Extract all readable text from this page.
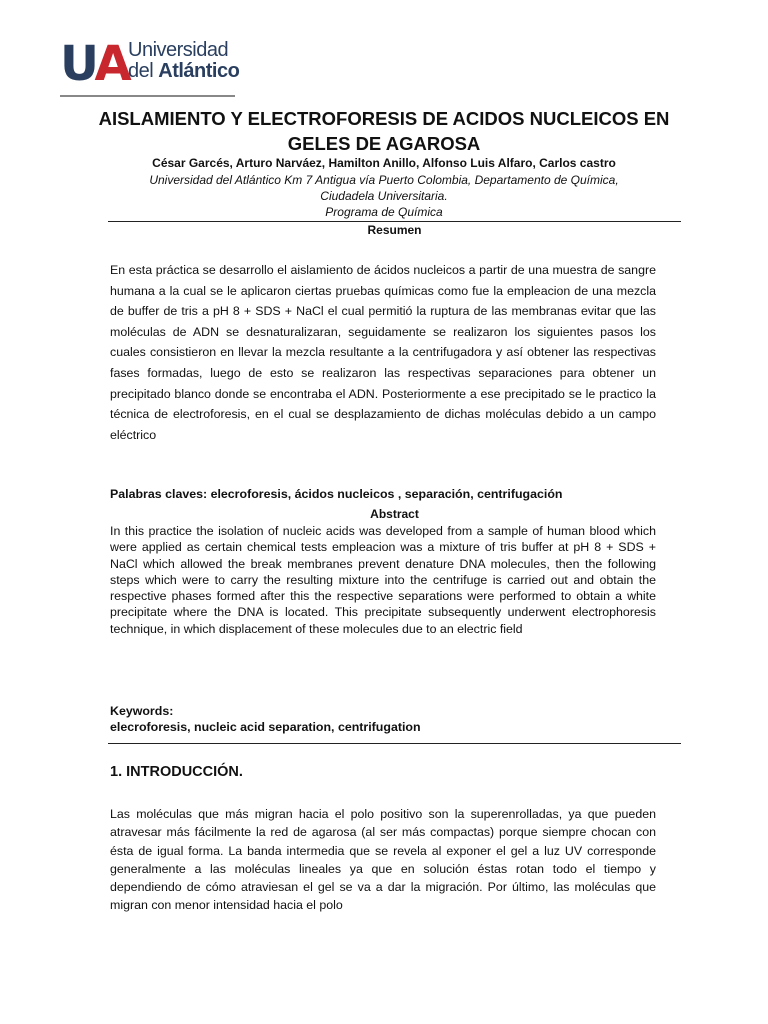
UA Universidad
del Atlántico
AISLAMIENTO Y ELECTROFORESIS DE ACIDOS NUCLEICOS EN GELES DE AGAROSA
César Garcés, Arturo Narváez, Hamilton Anillo, Alfonso Luis Alfaro, Carlos castro
Universidad del Atlántico Km 7 Antigua vía Puerto Colombia, Departamento de Química,
Ciudadela Universitaria.
Programa de Química
Resumen
En esta práctica se desarrollo el aislamiento de ácidos nucleicos a partir de una muestra de sangre humana a la cual se le aplicaron ciertas pruebas químicas como fue la empleacion de una mezcla de buffer de tris a pH 8 + SDS + NaCl el cual permitió la ruptura de las membranas evitar que las moléculas de ADN se desnaturalizaran, seguidamente se realizaron los siguientes pasos los cuales consistieron en llevar la mezcla resultante a la centrifugadora y así obtener las respectivas fases formadas, luego de esto se realizaron las respectivas separaciones para obtener un precipitado blanco donde se encontraba el ADN. Posteriormente a ese precipitado se le practico la técnica de electroforesis, en el cual se desplazamiento de dichas moléculas debido a un campo eléctrico
Palabras claves: elecroforesis, ácidos nucleicos , separación, centrifugación
Abstract
In this practice the isolation of nucleic acids was developed from a sample of human blood which were applied as certain chemical tests empleacion was a mixture of tris buffer at pH 8 + SDS + NaCl which allowed the break membranes prevent denature DNA molecules, then the following steps which were to carry the resulting mixture into the centrifuge is carried out and obtain the respective phases formed after this the respective separations were performed to obtain a white precipitate where the DNA is located. This precipitate subsequently underwent electrophoresis technique, in which displacement of these molecules due to an electric field
Keywords:
elecroforesis, nucleic acid separation, centrifugation
1. INTRODUCCIÓN.
Las moléculas que más migran hacia el polo positivo son la superenrolladas, ya que pueden atravesar más fácilmente la red de agarosa (al ser más compactas) porque siempre chocan con ésta de igual forma. La banda intermedia que se revela al exponer el gel a luz UV corresponde generalmente a las moléculas lineales ya que en solución éstas rotan todo el tiempo y dependiendo de cómo atraviesan el gel se va a dar la migración. Por último, las moléculas que migran con menor intensidad hacia el polo
